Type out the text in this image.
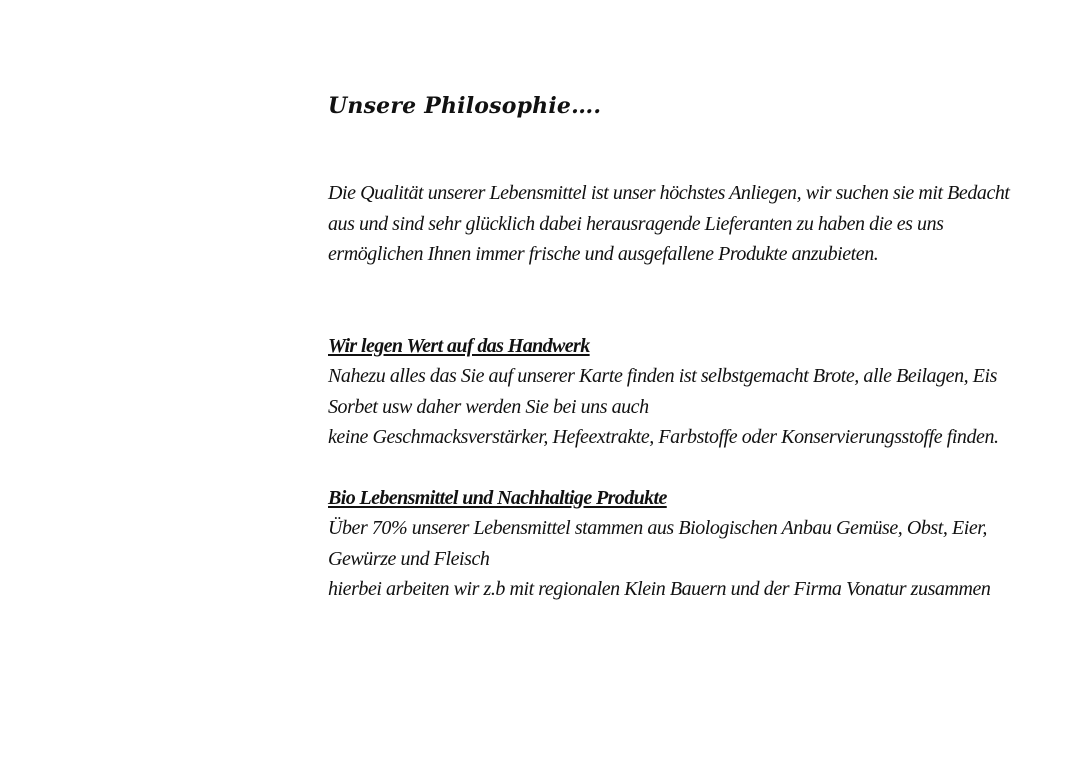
Unsere Philosophie….

Die Qualität unserer Lebensmittel ist unser höchstes Anliegen, wir suchen sie mit Bedacht
aus und sind sehr glücklich dabei herausragende Lieferanten zu haben die es uns
ermöglichen Ihnen immer frische und ausgefallene Produkte anzubieten.

Wir legen Wert auf das Handwerk

Nahezu alles das Sie auf unserer Karte finden ist selbstgemacht Brote, alle Beilagen, Eis
Sorbet usw daher werden Sie bei uns auch
keine Geschmacksverstärker, Hefeextrakte, Farbstoffe oder Konservierungsstoffe finden.

Bio Lebensmittel und Nachhaltige Produkte

Über 70% unserer Lebensmittel stammen aus Biologischen Anbau Gemüse, Obst, Eier,
Gewürze und Fleisch
hierbei arbeiten wir z.b mit regionalen Klein Bauern und der Firma Vonatur zusammen
